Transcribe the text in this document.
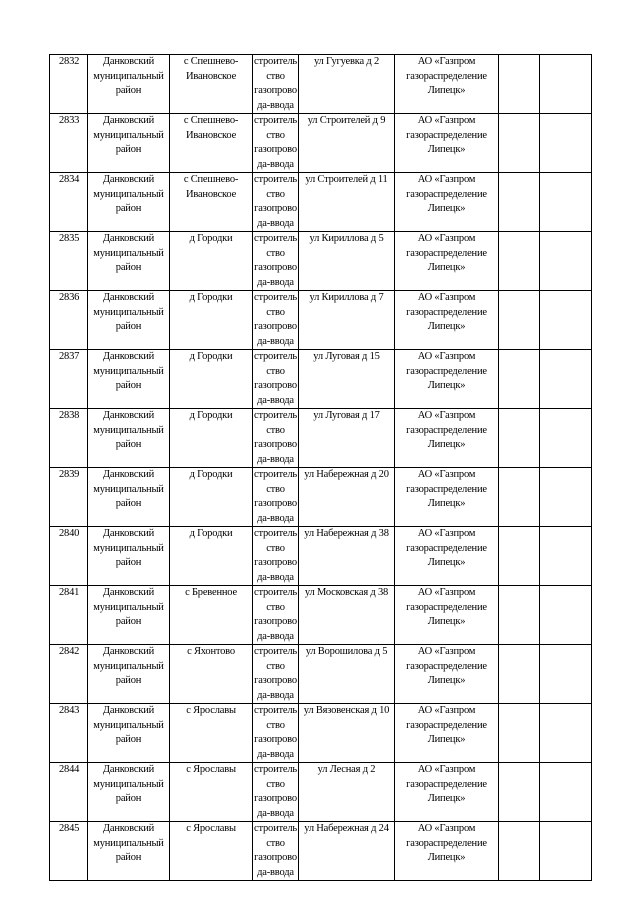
2832	Данковский муниципальный район	с Спешнево-Ивановское	строитель ство газопрово да-ввода	ул Гугуевка д 2	АО «Газпром газораспределение Липецк»		
2833	Данковский муниципальный район	с Спешнево-Ивановское	строитель ство газопрово да-ввода	ул Строителей д 9	АО «Газпром газораспределение Липецк»		
2834	Данковский муниципальный район	с Спешнево-Ивановское	строитель ство газопрово да-ввода	ул Строителей д 11	АО «Газпром газораспределение Липецк»		
2835	Данковский муниципальный район	д Городки	строитель ство газопрово да-ввода	ул Кириллова д 5	АО «Газпром газораспределение Липецк»		
2836	Данковский муниципальный район	д Городки	строитель ство газопрово да-ввода	ул Кириллова д 7	АО «Газпром газораспределение Липецк»		
2837	Данковский муниципальный район	д Городки	строитель ство газопрово да-ввода	ул Луговая д 15	АО «Газпром газораспределение Липецк»		
2838	Данковский муниципальный район	д Городки	строитель ство газопрово да-ввода	ул Луговая д 17	АО «Газпром газораспределение Липецк»		
2839	Данковский муниципальный район	д Городки	строитель ство газопрово да-ввода	ул Набережная д 20	АО «Газпром газораспределение Липецк»		
2840	Данковский муниципальный район	д Городки	строитель ство газопрово да-ввода	ул Набережная д 38	АО «Газпром газораспределение Липецк»		
2841	Данковский муниципальный район	с Бревенное	строитель ство газопрово да-ввода	ул Московская д 38	АО «Газпром газораспределение Липецк»		
2842	Данковский муниципальный район	с Яхонтово	строитель ство газопрово да-ввода	ул Ворошилова д 5	АО «Газпром газораспределение Липецк»		
2843	Данковский муниципальный район	с Ярославы	строитель ство газопрово да-ввода	ул Вязовенская д 10	АО «Газпром газораспределение Липецк»		
2844	Данковский муниципальный район	с Ярославы	строитель ство газопрово да-ввода	ул Лесная д 2	АО «Газпром газораспределение Липецк»		
2845	Данковский муниципальный район	с Ярославы	строитель ство газопрово да-ввода	ул Набережная д 24	АО «Газпром газораспределение Липецк»		
